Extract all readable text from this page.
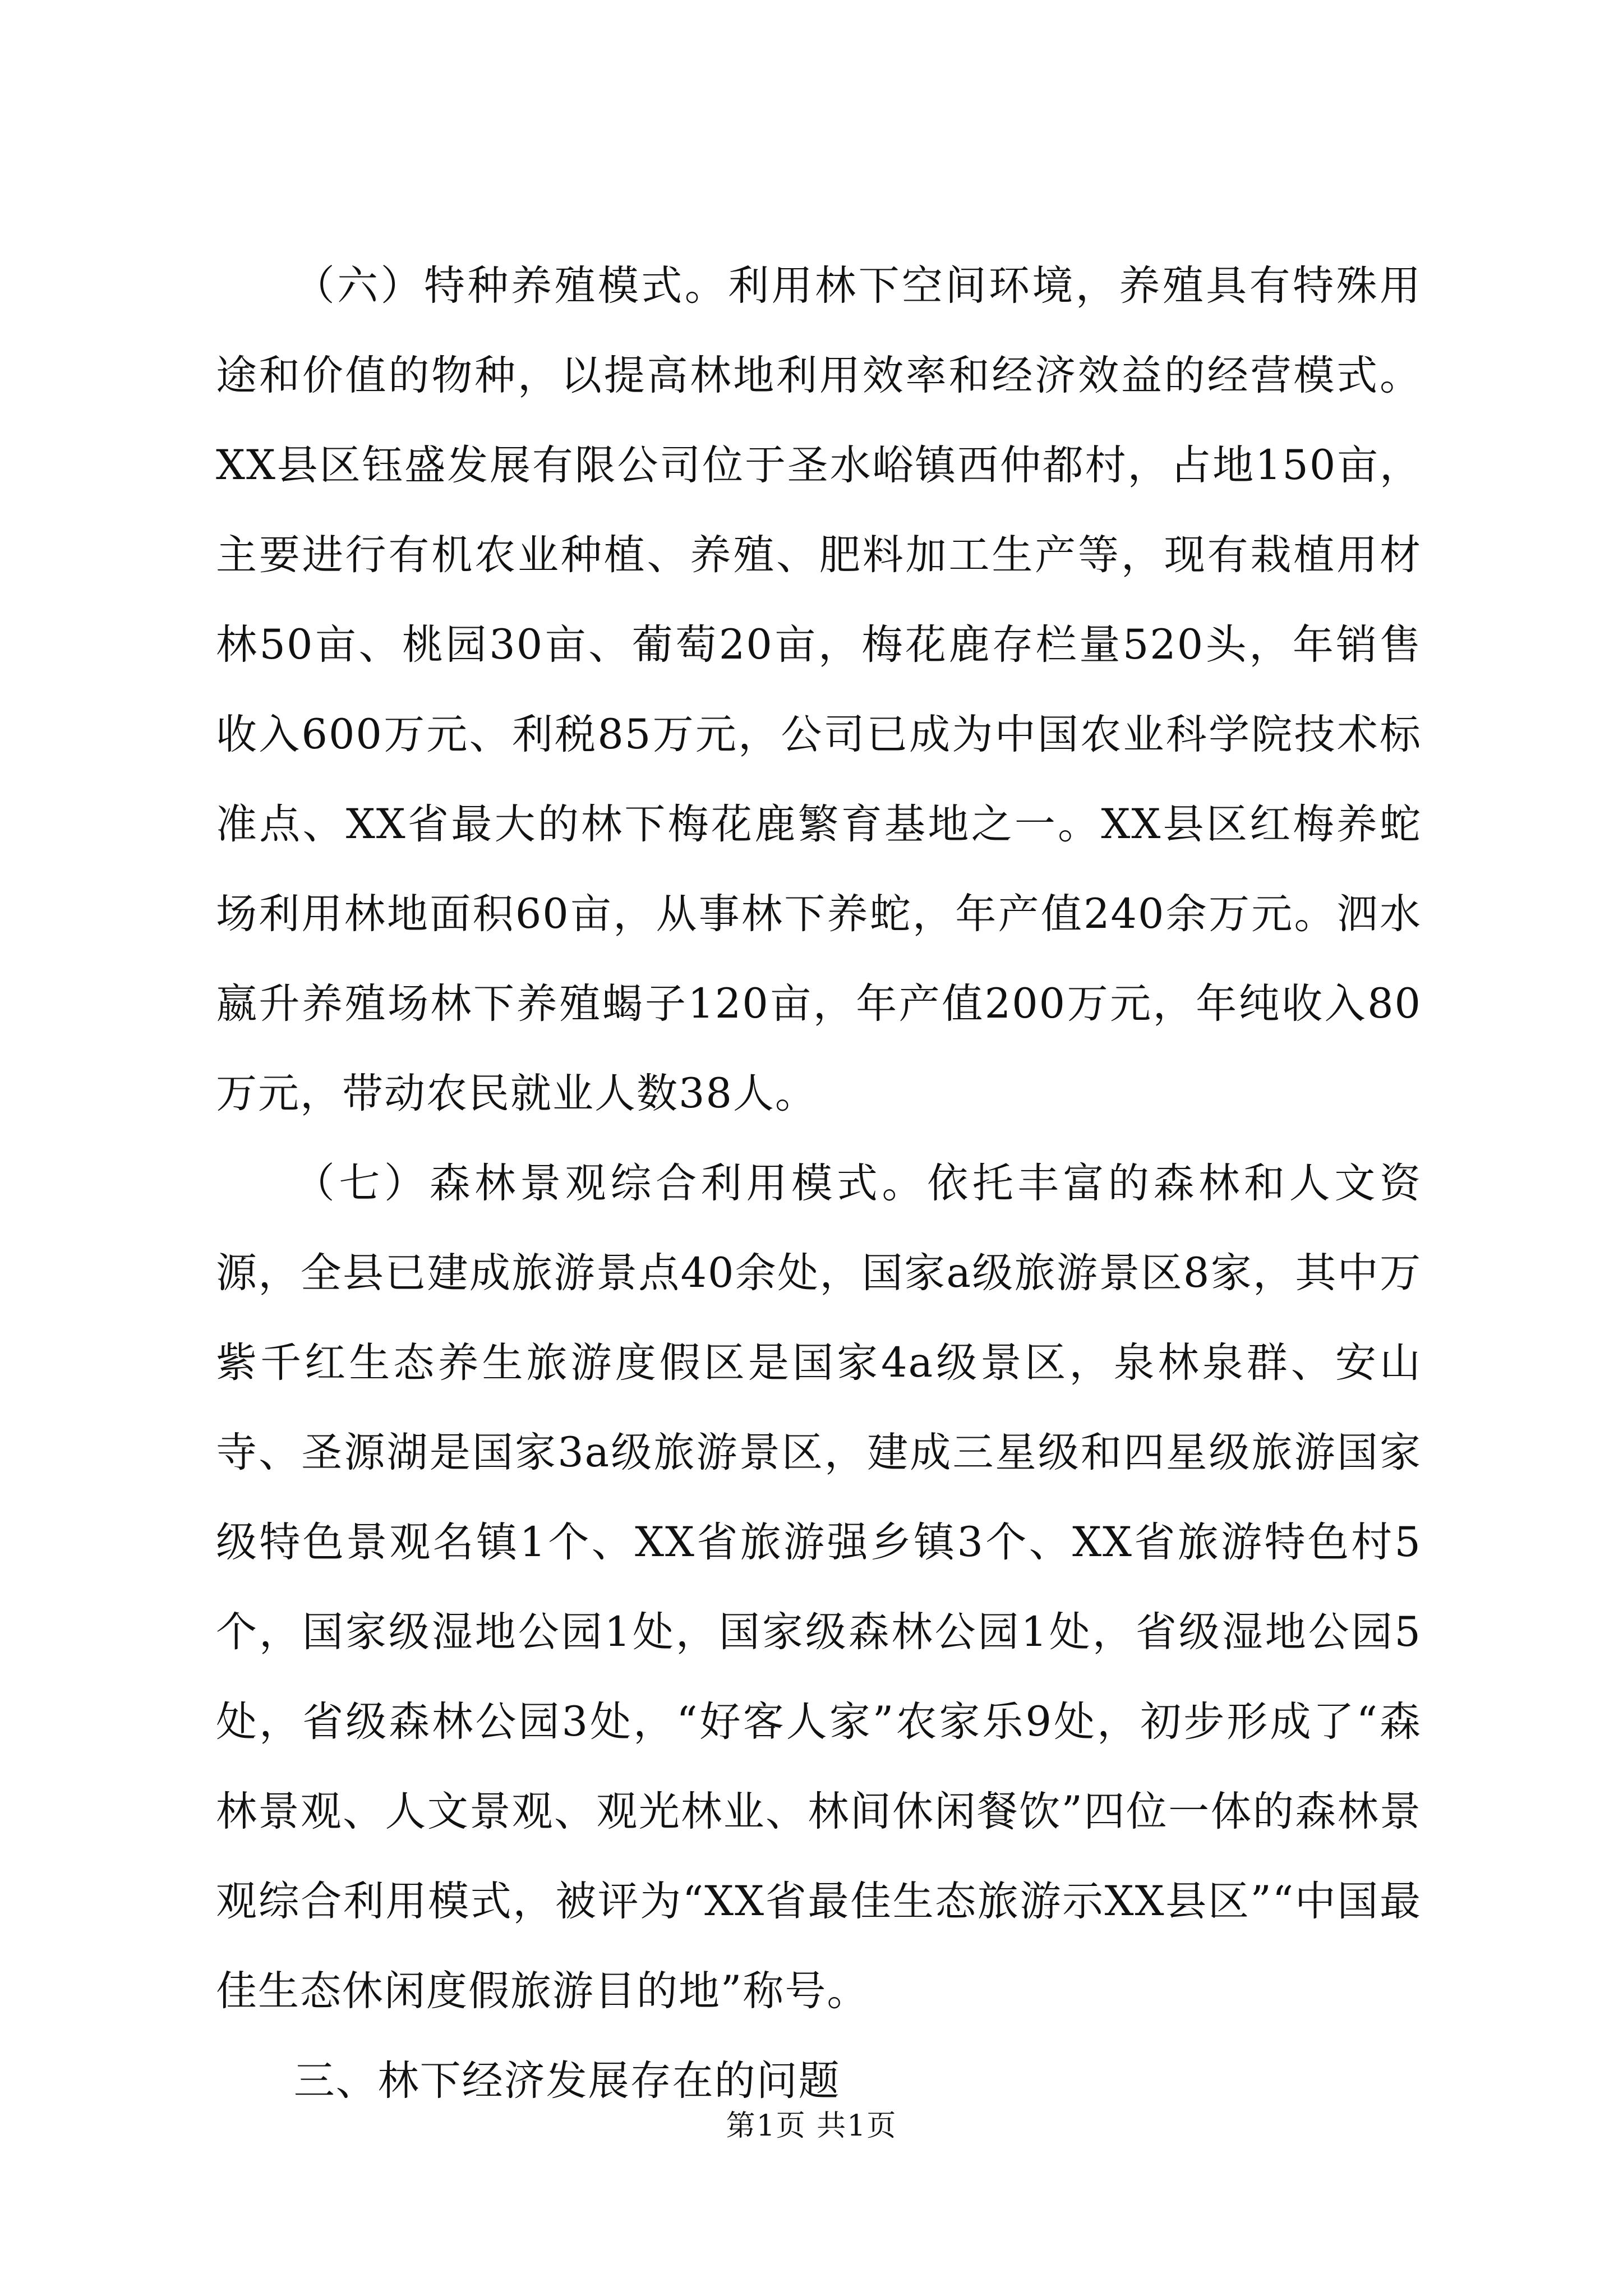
（六）特种养殖模式。利用林下空间环境，养殖具有特殊用途和价值的物种，以提高林地利用效率和经济效益的经营模式。XX县区钰盛发展有限公司位于圣水峪镇西仲都村，占地150亩，主要进行有机农业种植、养殖、肥料加工生产等，现有栽植用材林50亩、桃园30亩、葡萄20亩，梅花鹿存栏量520头，年销售收入600万元、利税85万元，公司已成为中国农业科学院技术标准点、XX省最大的林下梅花鹿繁育基地之一。XX县区红梅养蛇场利用林地面积60亩，从事林下养蛇，年产值240余万元。泗水嬴升养殖场林下养殖蝎子120亩，年产值200万元，年纯收入80万元，带动农民就业人数38人。

（七）森林景观综合利用模式。依托丰富的森林和人文资源，全县已建成旅游景点40余处，国家a级旅游景区8家，其中万紫千红生态养生旅游度假区是国家4a级景区，泉林泉群、安山寺、圣源湖是国家3a级旅游景区，建成三星级和四星级旅游国家级特色景观名镇1个、XX省旅游强乡镇3个、XX省旅游特色村5个，国家级湿地公园1处，国家级森林公园1处，省级湿地公园5处，省级森林公园3处，“好客人家”农家乐9处，初步形成了“森林景观、人文景观、观光林业、林间休闲餐饮”四位一体的森林景观综合利用模式，被评为“XX省最佳生态旅游示XX县区”“中国最佳生态休闲度假旅游目的地”称号。

三、林下经济发展存在的问题

第1页 共1页
